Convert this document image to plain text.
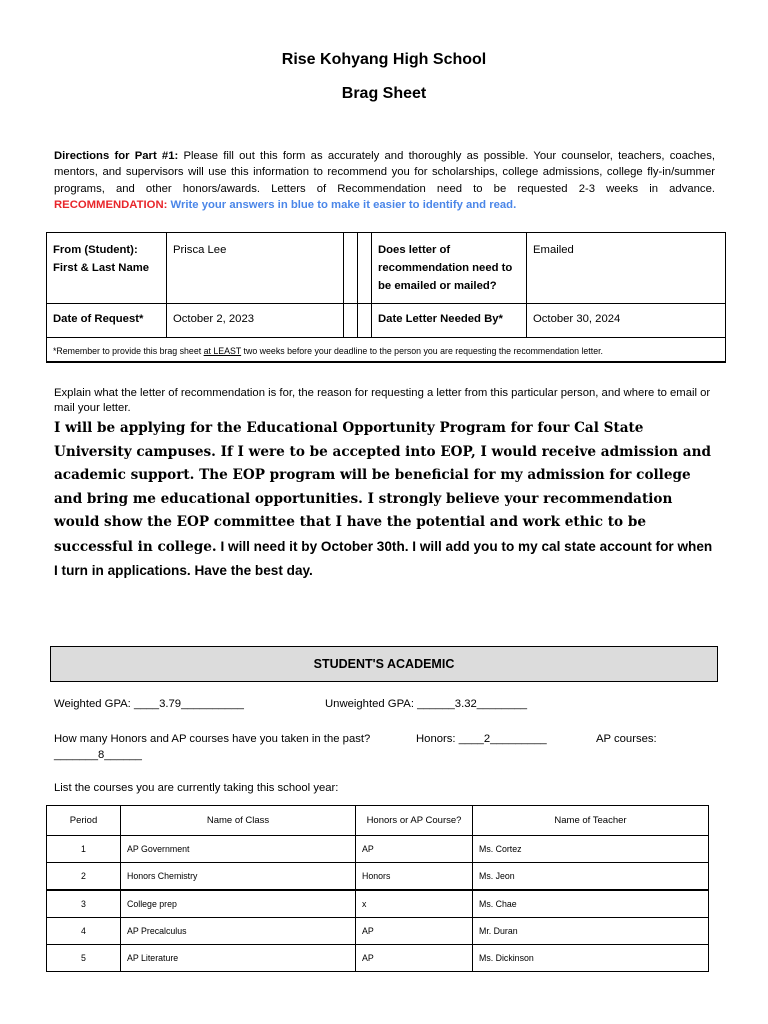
Rise Kohyang High School
Brag Sheet
Directions for Part #1: Please fill out this form as accurately and thoroughly as possible. Your counselor, teachers, coaches, mentors, and supervisors will use this information to recommend you for scholarships, college admissions, college fly-in/summer programs, and other honors/awards. Letters of Recommendation need to be requested 2-3 weeks in advance. RECOMMENDATION: Write your answers in blue to make it easier to identify and read.
From (Student):
First & Last Name	Prisca Lee			Does letter of recommendation need to be emailed or mailed?	Emailed
Date of Request*	October 2, 2023			Date Letter Needed By*	October 30, 2024
*Remember to provide this brag sheet at LEAST two weeks before your deadline to the person you are requesting the recommendation letter.					
Explain what the letter of recommendation is for, the reason for requesting a letter from this particular person, and where to email or mail your letter.
I will be applying for the Educational Opportunity Program for four Cal State University campuses. If I were to be accepted into EOP, I would receive admission and academic support. The EOP program will be beneficial for my admission for college and bring me educational opportunities. I strongly believe your recommendation would show the EOP committee that I have the potential and work ethic to be successful in college. I will need it by October 30th. I will add you to my cal state account for when I turn in applications. Have the best day.
STUDENT'S ACADEMIC
Weighted GPA: ____3.79__________	Unweighted GPA: ______3.32________
How many Honors and AP courses have you taken in the past?	Honors: ____2_________	AP courses:
_______8______
List the courses you are currently taking this school year:
Period	Name of Class	Honors or AP Course?	Name of Teacher
1	AP Government	AP	Ms. Cortez
2	Honors Chemistry	Honors	Ms. Jeon
3	College prep	x	Ms. Chae
4	AP Precalculus	AP	Mr. Duran
5	AP Literature	AP	Ms. Dickinson
